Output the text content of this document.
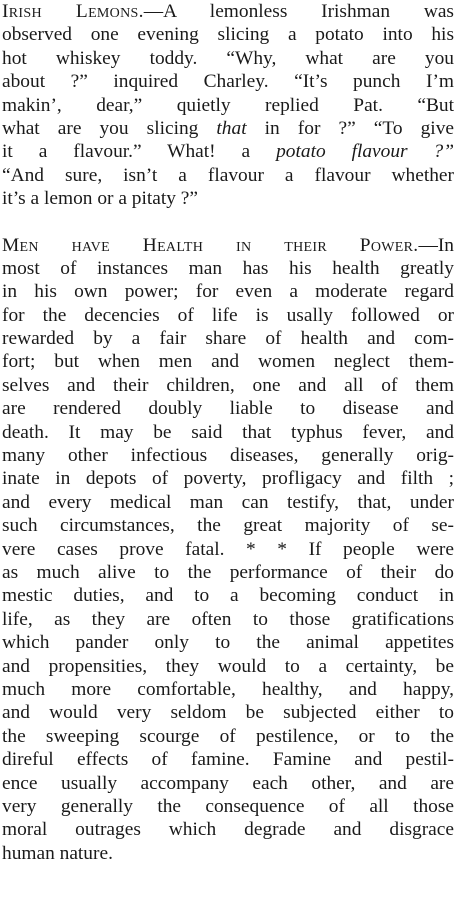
Irish Lemons.—A lemonless Irishman was
observed one evening slicing a potato into his
hot whiskey toddy. “Why, what are you
about ?” inquired Charley. “It’s punch I’m
makin’, dear,” quietly replied Pat. “But
what are you slicing that in for ?” “To give
it a flavour.” What! a potato flavour ?”
“And sure, isn’t a flavour a flavour whether
it’s a lemon or a pitaty ?”
Men have Health in their Power.—In
most of instances man has his health greatly
in his own power; for even a moderate regard
for the decencies of life is usally followed or
rewarded by a fair share of health and com-
fort; but when men and women neglect them-
selves and their children, one and all of them
are rendered doubly liable to disease and
death. It may be said that typhus fever, and
many other infectious diseases, generally orig-
inate in depots of poverty, profligacy and filth ;
and every medical man can testify, that, under
such circumstances, the great majority of se-
vere cases prove fatal. * * If people were
as much alive to the performance of their do
mestic duties, and to a becoming conduct in
life, as they are often to those gratifications
which pander only to the animal appetites
and propensities, they would to a certainty, be
much more comfortable, healthy, and happy,
and would very seldom be subjected either to
the sweeping scourge of pestilence, or to the
direful effects of famine. Famine and pestil-
ence usually accompany each other, and are
very generally the consequence of all those
moral outrages which degrade and disgrace
human nature.
